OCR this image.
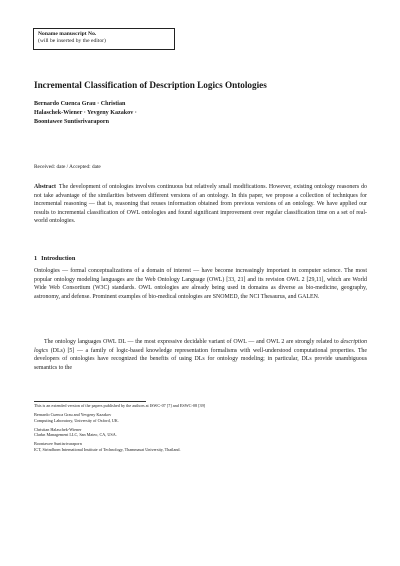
Noname manuscript No.
(will be inserted by the editor)
Incremental Classification of Description Logics Ontologies
Bernardo Cuenca Grau · Christian
Halaschek-Wiener · Yevgeny Kazakov ·
Boontawee Suntisrivaraporn
Received: date / Accepted: date

Abstract The development of ontologies involves continuous but relatively small modifications. However, existing ontology reasoners do not take advantage of the similarities between different versions of an ontology. In this paper, we propose a collection of techniques for incremental reasoning — that is, reasoning that reuses information obtained from previous versions of an ontology. We have applied our results to incremental classification of OWL ontologies and found significant improvement over regular classification time on a set of real-world ontologies.

1 Introduction

Ontologies — formal conceptualizations of a domain of interest — have become increasingly important in computer science. The most popular ontology modeling languages are the Web Ontology Language (OWL) [33, 21] and its revision OWL 2 [29,11], which are World Wide Web Consortium (W3C) standards. OWL ontologies are already being used in domains as diverse as bio-medicine, geography, astronomy, and defense. Prominent examples of bio-medical ontologies are SNOMED, the NCI Thesaurus, and GALEN.

The ontology languages OWL DL — the most expressive decidable variant of OWL — and OWL 2 are strongly related to description logics (DLs) [5] — a family of logic-based knowledge representation formalisms with well-understood computational properties. The developers of ontologies have recognized the benefits of using DLs for ontology modeling; in particular, DLs provide unambiguous semantics to the

This is an extended version of the papers published by the authors at ISWC-07 [7] and ESWC-08 [39]
Bernardo Cuenca Grau and Yevgeny Kazakov
Computing Laboratory, University of Oxford, UK.
Christian Halaschek-Wiener
Clarkn Management LLC, San Mateo, CA, USA.
Boontawee Suntisrivaraporn
ICT, Sirindhorn International Institute of Technology, Thammasat University, Thailand.
